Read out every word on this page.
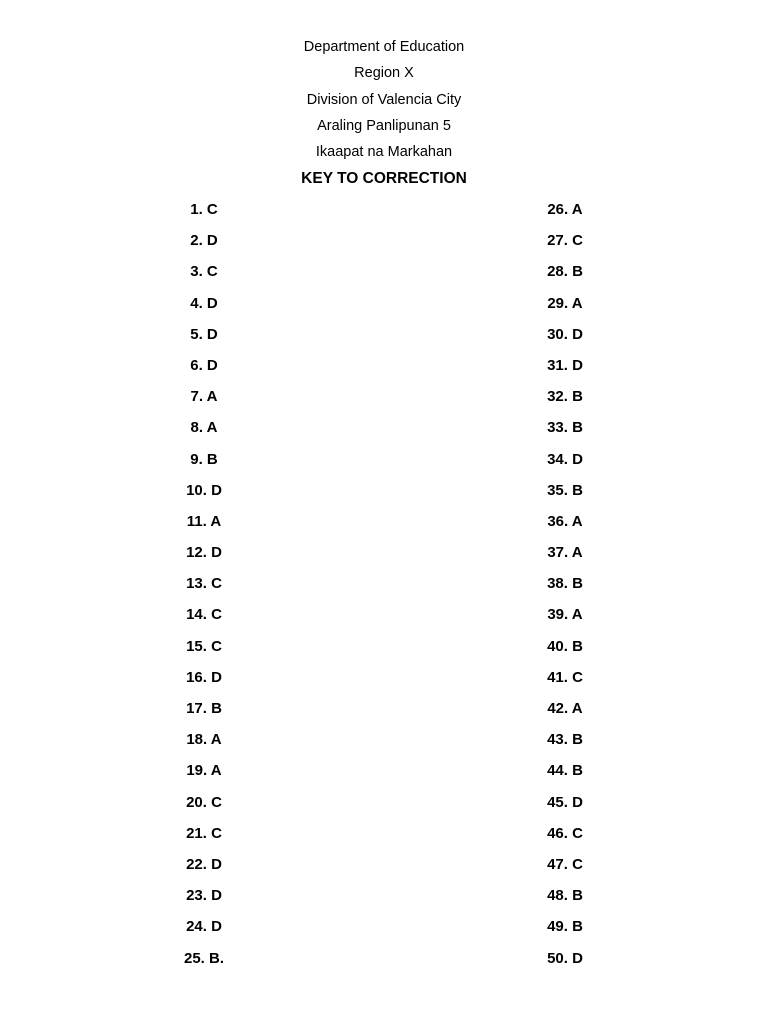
Department of Education
Region X
Division of Valencia City
Araling Panlipunan 5
Ikaapat na Markahan
KEY TO CORRECTION
1. C
2. D
3. C
4. D
5. D
6. D
7. A
8. A
9. B
10. D
11. A
12. D
13. C
14. C
15. C
16. D
17. B
18. A
19. A
20. C
21. C
22. D
23. D
24. D
25. B.
26. A
27. C
28. B
29. A
30. D
31. D
32. B
33. B
34. D
35. B
36. A
37. A
38. B
39. A
40. B
41. C
42. A
43. B
44. B
45. D
46. C
47. C
48. B
49. B
50. D
